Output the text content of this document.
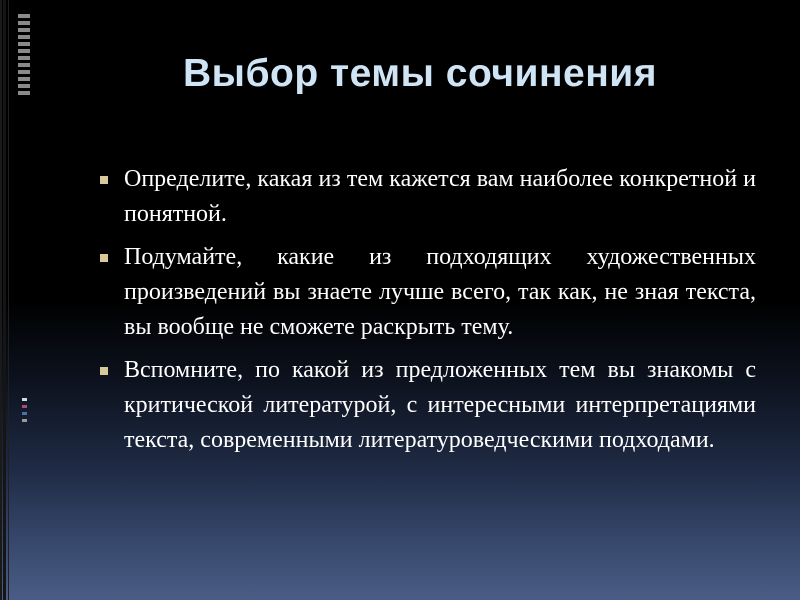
Выбор темы сочинения
Определите, какая из тем кажется вам наиболее конкретной и понятной.
Подумайте, какие из подходящих художественных произведений вы знаете лучше всего, так как, не зная текста, вы вообще не сможете раскрыть тему.
Вспомните, по какой из предложенных тем вы знакомы с критической литературой, с интересными интерпретациями текста, современными литературоведческими подходами.
